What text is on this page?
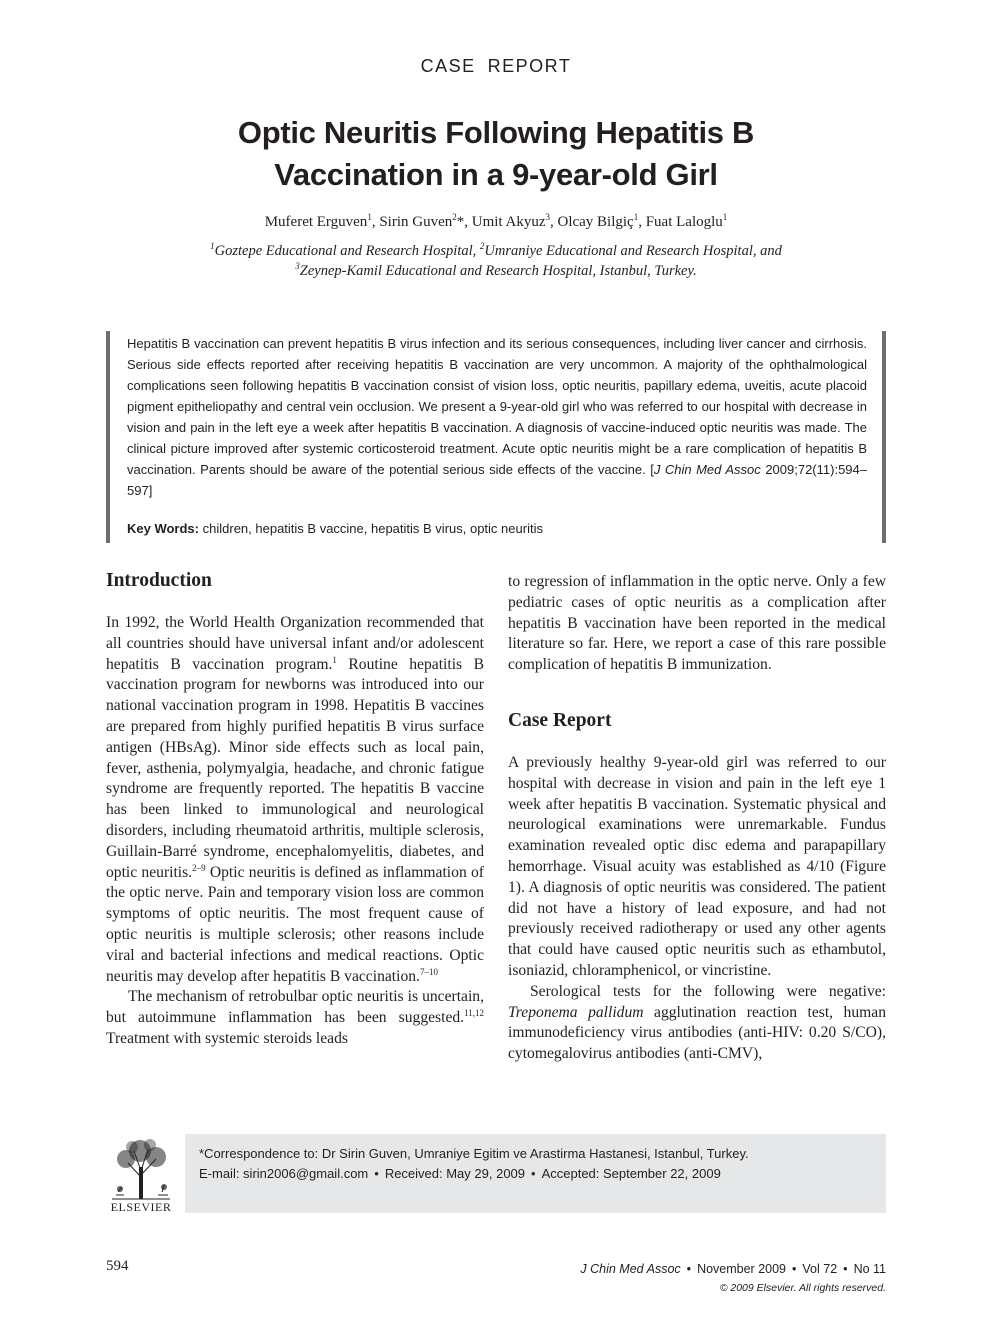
CASE REPORT
Optic Neuritis Following Hepatitis B
Vaccination in a 9-year-old Girl
Muferet Erguven$^1$, Sirin Guven$^2$*, Umit Akyuz$^3$, Olcay Bilgiç$^1$, Fuat Laloglu$^1$
$^1$Goztepe Educational and Research Hospital, $^2$Umraniye Educational and Research Hospital, and
$^3$Zeynep-Kamil Educational and Research Hospital, Istanbul, Turkey.

Hepatitis B vaccination can prevent hepatitis B virus infection and its serious consequences, including liver cancer and cirrhosis. Serious side effects reported after receiving hepatitis B vaccination are very uncommon. A majority of the ophthalmological complications seen following hepatitis B vaccination consist of vision loss, optic neuritis, papillary edema, uveitis, acute placoid pigment epitheliopathy and central vein occlusion. We present a 9-year-old girl who was referred to our hospital with decrease in vision and pain in the left eye a week after hepatitis B vaccination. A diagnosis of vaccine-induced optic neuritis was made. The clinical picture improved after systemic corticosteroid treatment. Acute optic neuritis might be a rare complication of hepatitis B vaccination. Parents should be aware of the potential serious side effects of the vaccine. [J Chin Med Assoc 2009;72(11):594–597]

Key Words: children, hepatitis B vaccine, hepatitis B virus, optic neuritis

Introduction

In 1992, the World Health Organization recommended that all countries should have universal infant and/or adolescent hepatitis B vaccination program.$^1$ Routine hepatitis B vaccination program for newborns was introduced into our national vaccination program in 1998. Hepatitis B vaccines are prepared from highly purified hepatitis B virus surface antigen (HBsAg). Minor side effects such as local pain, fever, asthenia, polymyalgia, headache, and chronic fatigue syndrome are frequently reported. The hepatitis B vaccine has been linked to immunological and neurological disorders, including rheumatoid arthritis, multiple sclerosis, Guillain-Barré syndrome, encephalomyelitis, diabetes, and optic neuritis.$^{2-9}$ Optic neuritis is defined as inflammation of the optic nerve. Pain and temporary vision loss are common symptoms of optic neuritis. The most frequent cause of optic neuritis is multiple sclerosis; other reasons include viral and bacterial infections and medical reactions. Optic neuritis may develop after hepatitis B vaccination.$^{7-10}$

The mechanism of retrobulbar optic neuritis is uncertain, but autoimmune inflammation has been suggested.$^{11,12}$ Treatment with systemic steroids leads

to regression of inflammation in the optic nerve. Only a few pediatric cases of optic neuritis as a complication after hepatitis B vaccination have been reported in the medical literature so far. Here, we report a case of this rare possible complication of hepatitis B immunization.

Case Report

A previously healthy 9-year-old girl was referred to our hospital with decrease in vision and pain in the left eye 1 week after hepatitis B vaccination. Systematic physical and neurological examinations were unremarkable. Fundus examination revealed optic disc edema and parapapillary hemorrhage. Visual acuity was established as 4/10 (Figure 1). A diagnosis of optic neuritis was considered. The patient did not have a history of lead exposure, and had not previously received radiotherapy or used any other agents that could have caused optic neuritis such as ethambutol, isoniazid, chloramphenicol, or vincristine.

Serological tests for the following were negative: Treponema pallidum agglutination reaction test, human immunodeficiency virus antibodies (anti-HIV: 0.20 S/CO), cytomegalovirus antibodies (anti-CMV),

ELSEVIER

*Correspondence to: Dr Sirin Guven, Umraniye Egitim ve Arastirma Hastanesi, Istanbul, Turkey.

E-mail: sirin2006@gmail.com • Received: May 29, 2009 • Accepted: September 22, 2009

594	J Chin Med Assoc • November 2009 • Vol 72 • No 11
© 2009 Elsevier. All rights reserved.
